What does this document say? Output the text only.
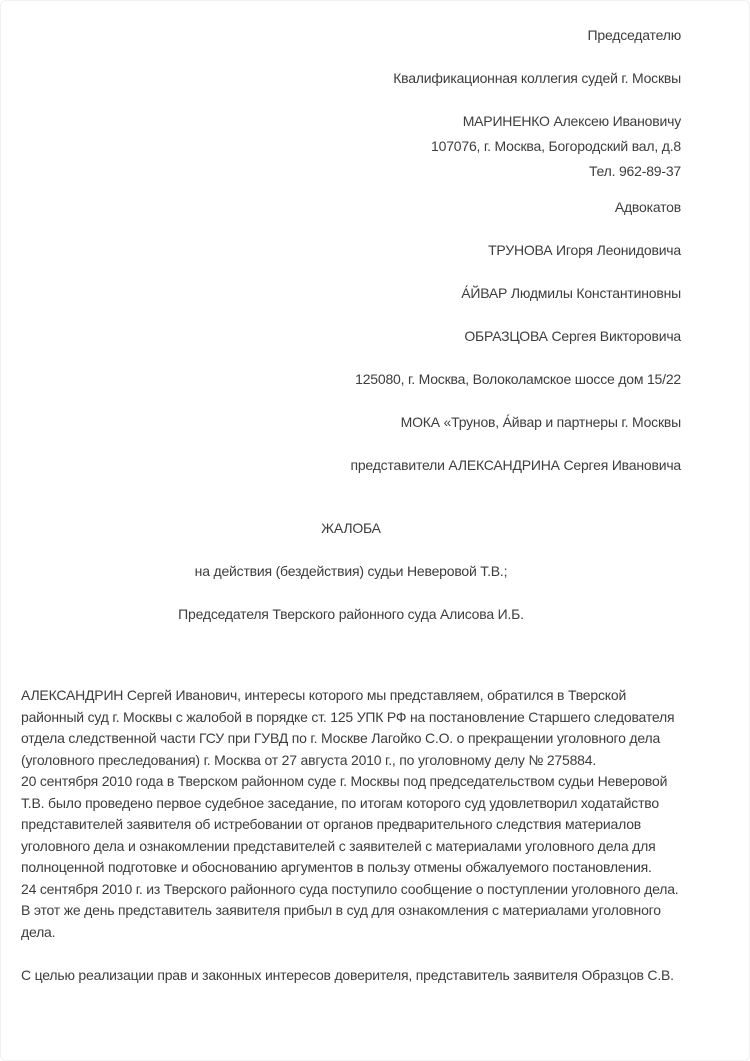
Председателю
Квалификационная коллегия судей г. Москвы
МАРИНЕНКО Алексею Ивановичу
107076, г. Москва, Богородский вал, д.8
Тел. 962-89-37
Адвокатов
ТРУНОВА Игоря Леонидовича
А́ЙВАР Людмилы Константиновны
ОБРАЗЦОВА Сергея Викторовича
125080, г. Москва, Волоколамское шоссе дом 15/22
МОКА «Трунов, А́йвар и партнеры г. Москвы
представители АЛЕКСАНДРИНА Сергея Ивановича
ЖАЛОБА
на действия (бездействия) судьи Неверовой Т.В.;
Председателя Тверского районного суда Алисова И.Б.

АЛЕКСАНДРИН Сергей Иванович, интересы которого мы представляем, обратился в Тверской районный суд г. Москвы с жалобой в порядке ст. 125 УПК РФ на постановление Старшего следователя отдела следственной части ГСУ при ГУВД по г. Москве Лагойко С.О. о прекращении уголовного дела (уголовного преследования) г. Москва от 27 августа 2010 г., по уголовному делу № 275884.

20 сентября 2010 года в Тверском районном суде г. Москвы под председательством судьи Неверовой Т.В. было проведено первое судебное заседание, по итогам которого суд удовлетворил ходатайство представителей заявителя об истребовании от органов предварительного следствия материалов уголовного дела и ознакомлении представителей с заявителей с материалами уголовного дела для полноценной подготовке и обоснованию аргументов в пользу отмены обжалуемого постановления.

24 сентября 2010 г. из Тверского районного суда поступило сообщение о поступлении уголовного дела. В этот же день представитель заявителя прибыл в суд для ознакомления с материалами уголовного дела.

С целью реализации прав и законных интересов доверителя, представитель заявителя Образцов С.В.
